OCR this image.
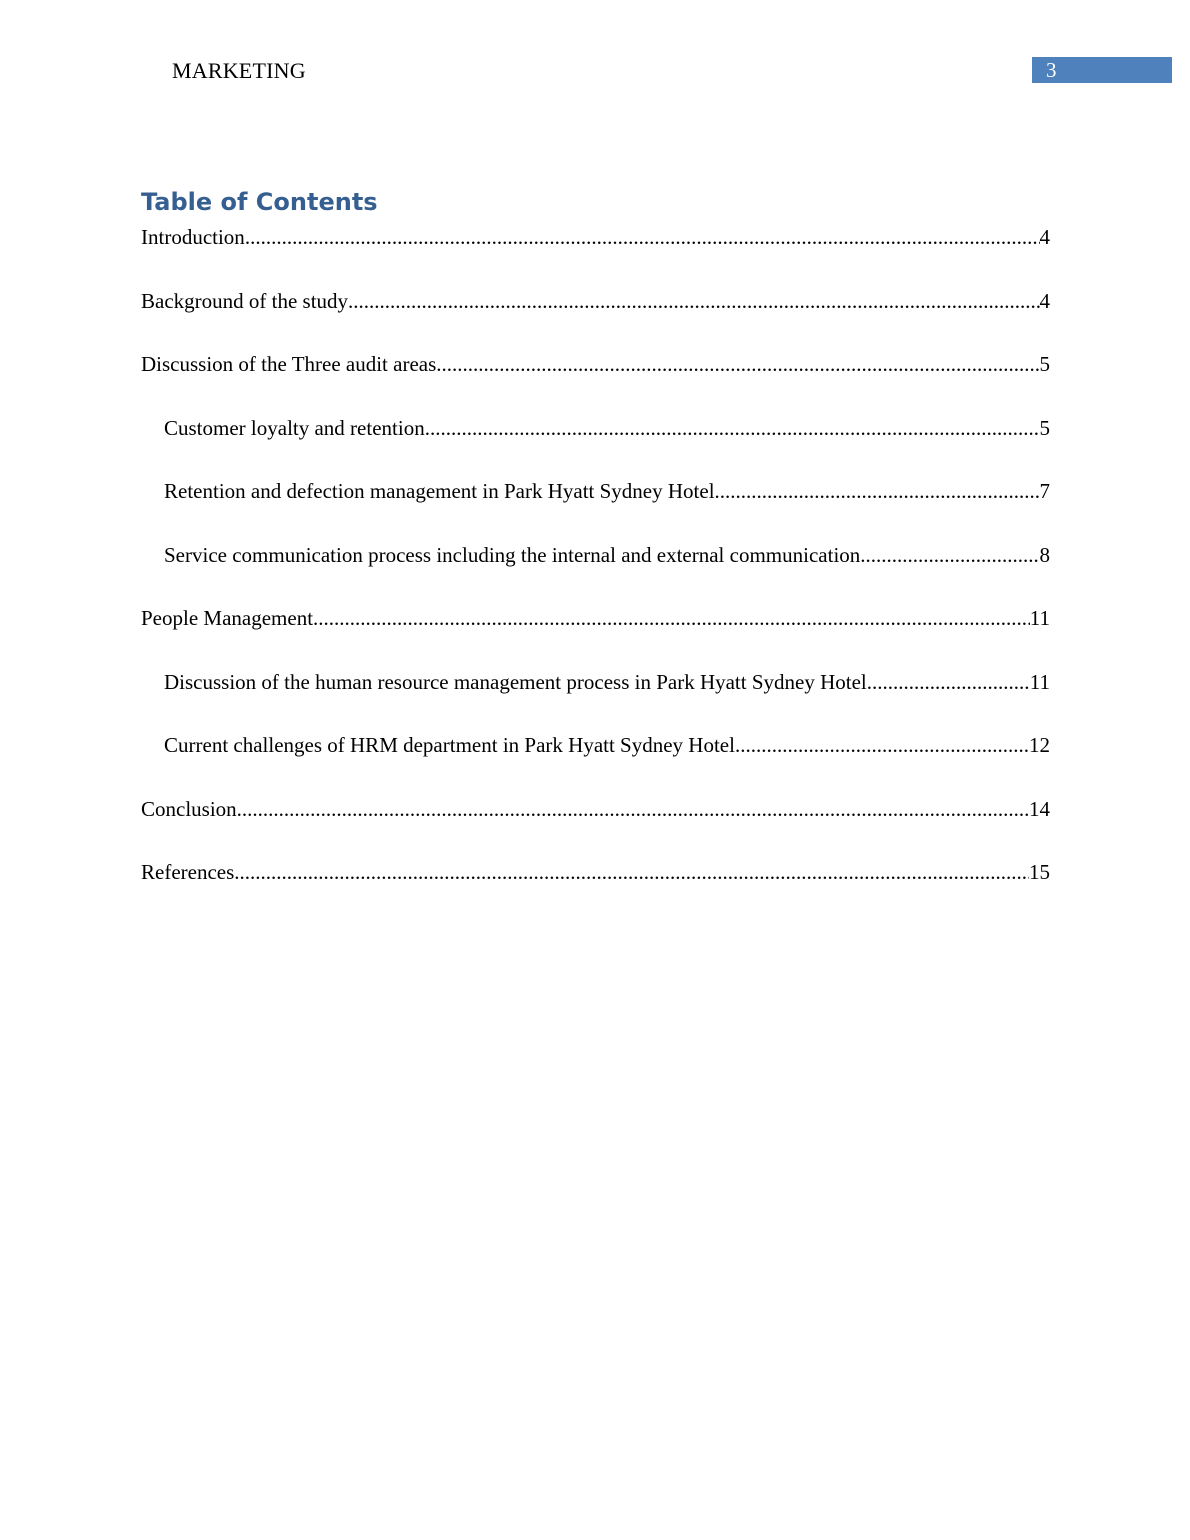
MARKETING	3
Table of Contents
Introduction .....	4
Background of the study .....	4
Discussion of the Three audit areas .....	5
Customer loyalty and retention .....	5
Retention and defection management in Park Hyatt Sydney Hotel .....	7
Service communication process including the internal and external communication .....	8
People Management .....	11
Discussion of the human resource management process in Park Hyatt Sydney Hotel .....	11
Current challenges of HRM department in Park Hyatt Sydney Hotel .....	12
Conclusion .....	14
References .....	15
